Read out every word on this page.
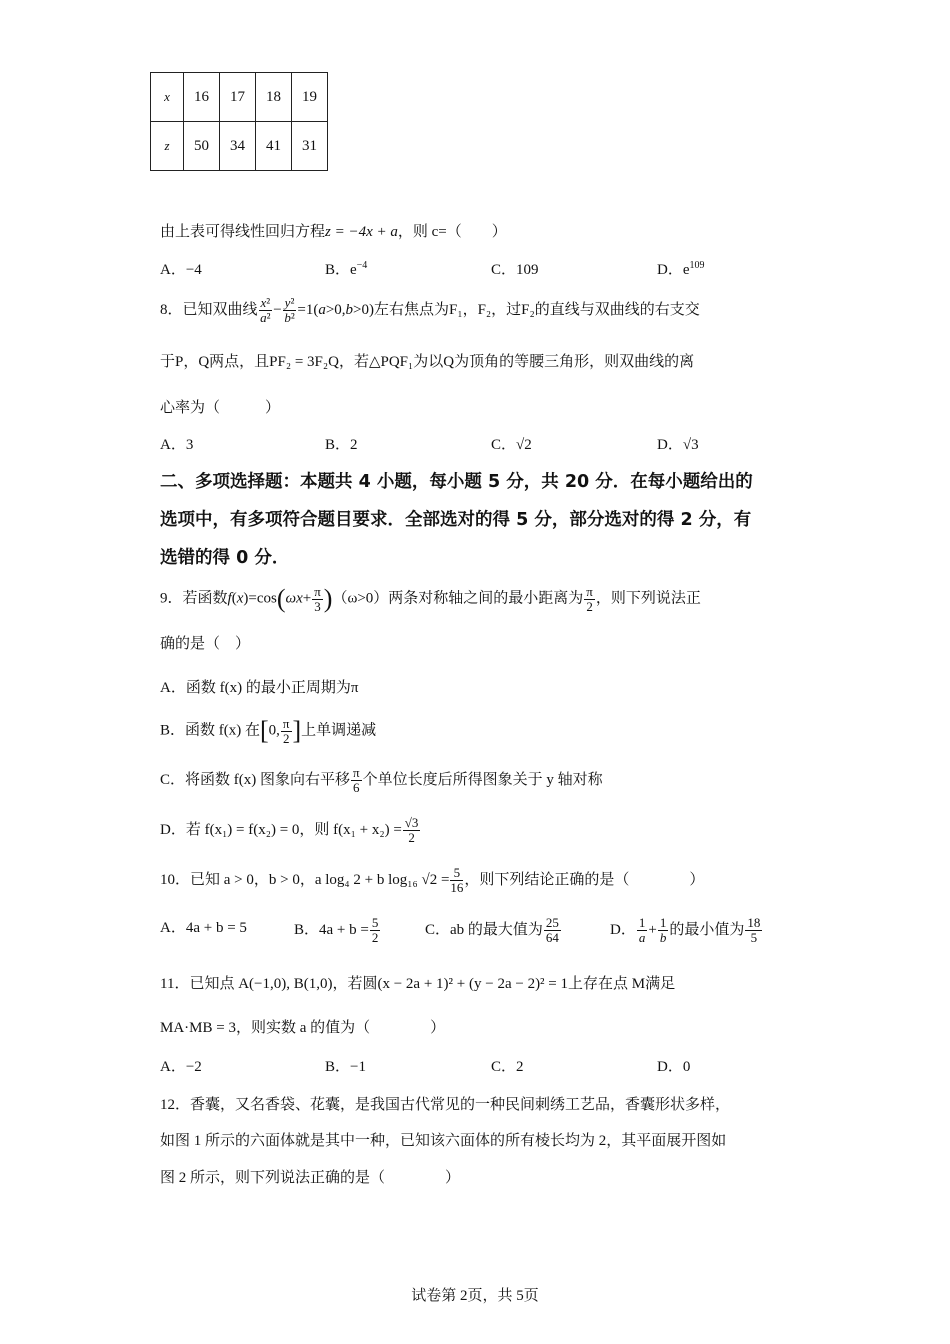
x	16	17	18	19
z	50	34	41	31
由上表可得线性回归方程z = −4x + a，则 c=（　　）
A．−4	B．$e^{-4}$	C．109	D．$e^{109}$
8．已知双曲线 $\frac{\text{x²}}{\text{a²}} - \frac{\text{y²}}{\text{b²}} =1(a>0,b>0)$左右焦点为F₁，F₂，过F₂的直线与双曲线的右支交
于P，Q两点，且PF₂ = 3F₂Q，若△PQF₁为以Q为顶角的等腰三角形，则双曲线的离
心率为（　　　）
A．3	B．2	C．√2	D．√3
二、多项选择题：本题共 4 小题，每小题 5 分，共 20 分．在每小题给出的
选项中，有多项符合题目要求．全部选对的得 5 分，部分选对的得 2 分，有
选错的得 0 分．
9．若函数$f(x)=\cos(\omega x+ \frac{\pi}{3} )(\omega>0)$两条对称轴之间的最小距离为 $\frac{\pi}{2}$ ，则下列说法正
确的是（　）
A．函数 f(x) 的最小正周期为π
B．函数 f(x) 在[0, $\frac{\pi}{2}$ ]上单调递减
C．将函数 f(x) 图象向右平移 $\frac{\pi}{6}$ 个单位长度后所得图象关于 y 轴对称
D．若 f(x₁) = f(x₂) = 0，则 $f(x_1 + x_2) = \frac{√3}{2}$
10．已知 a > 0，b > 0，a log₄ 2 + b log₁₆ $√2 = \frac{5}{16}$ ，则下列结论正确的是（　　　　）
A．4a + b = 5	B．$4a + b = \frac{5}{2}$	C．ab 的最大值为 $\frac{25}{64}$	D． $\frac{1}{a} + \frac{1}{b}$ 的最小值为 $\frac{18}{5}$
11．已知点 A(−1,0), B(1,0)，若圆(x − 2a + 1)² + (y − 2a − 2)² = 1上存在点 M满足
MA·MB = 3，则实数 a 的值为（　　　　）
A．−2	B．−1	C．2	D．0
12．香囊，又名香袋、花囊，是我国古代常见的一种民间刺绣工艺品，香囊形状多样，
如图 1 所示的六面体就是其中一种，已知该六面体的所有棱长均为 2，其平面展开图如
图 2 所示，则下列说法正确的是（　　　　）
试卷第 2页，共 5页
